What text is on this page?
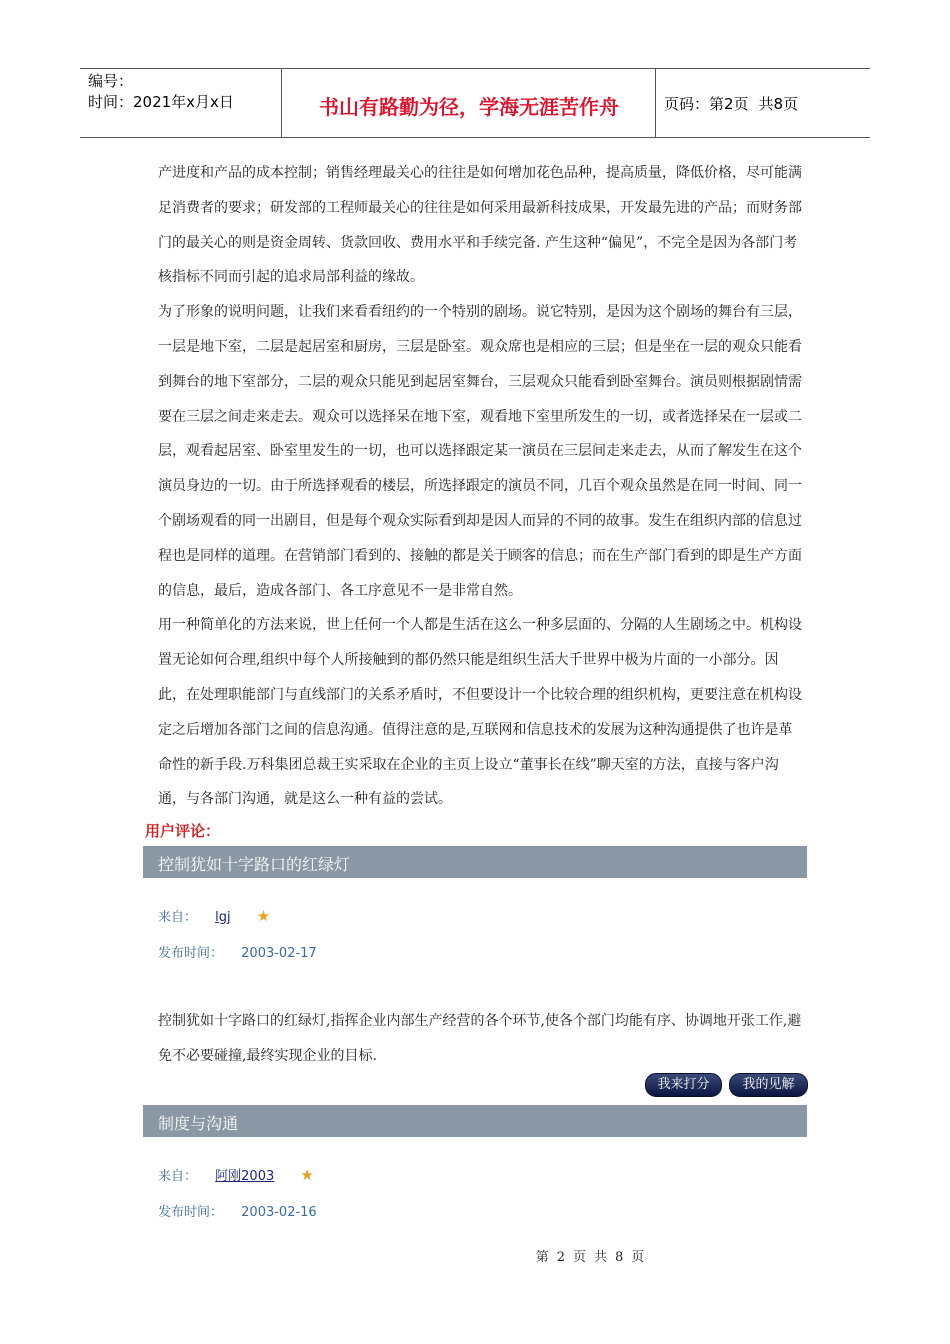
编号：
时间：2021年x月x日	书山有路勤为径，学海无涯苦作舟	页码：第2页 共8页

产进度和产品的成本控制；销售经理最关心的往往是如何增加花色品种，提高质量，降低价格，尽可能满足消费者的要求；研发部的工程师最关心的往往是如何采用最新科技成果，开发最先进的产品；而财务部门的最关心的则是资金周转、货款回收、费用水平和手续完备. 产生这种“偏见”，不完全是因为各部门考核指标不同而引起的追求局部利益的缘故。

为了形象的说明问题，让我们来看看纽约的一个特别的剧场。说它特别，是因为这个剧场的舞台有三层，一层是地下室，二层是起居室和厨房，三层是卧室。观众席也是相应的三层；但是坐在一层的观众只能看到舞台的地下室部分，二层的观众只能见到起居室舞台，三层观众只能看到卧室舞台。演员则根据剧情需要在三层之间走来走去。观众可以选择呆在地下室，观看地下室里所发生的一切，或者选择呆在一层或二层，观看起居室、卧室里发生的一切，也可以选择跟定某一演员在三层间走来走去，从而了解发生在这个演员身边的一切。由于所选择观看的楼层，所选择跟定的演员不同，几百个观众虽然是在同一时间、同一个剧场观看的同一出剧目，但是每个观众实际看到却是因人而异的不同的故事。发生在组织内部的信息过程也是同样的道理。在营销部门看到的、接触的都是关于顾客的信息；而在生产部门看到的即是生产方面的信息，最后，造成各部门、各工序意见不一是非常自然。

用一种简单化的方法来说，世上任何一个人都是生活在这么一种多层面的、分隔的人生剧场之中。机构设置无论如何合理,组织中每个人所接触到的都仍然只能是组织生活大千世界中极为片面的一小部分。因此，在处理职能部门与直线部门的关系矛盾时，不但要设计一个比较合理的组织机构，更要注意在机构设定之后增加各部门之间的信息沟通。值得注意的是,互联网和信息技术的发展为这种沟通提供了也许是革命性的新手段.万科集团总裁王实采取在企业的主页上设立“董事长在线”聊天室的方法，直接与客户沟通，与各部门沟通，就是这么一种有益的尝试。

用户评论：
控制犹如十字路口的红绿灯
来自： lgj ★
发布时间： 2003-02-17
控制犹如十字路口的红绿灯,指挥企业内部生产经营的各个环节,使各个部门均能有序、协调地开张工作,避免不必要碰撞,最终实现企业的目标.
我来打分	我的见解
制度与沟通
来自： 阿刚2003 ★
发布时间： 2003-02-16
第 2 页 共 8 页
